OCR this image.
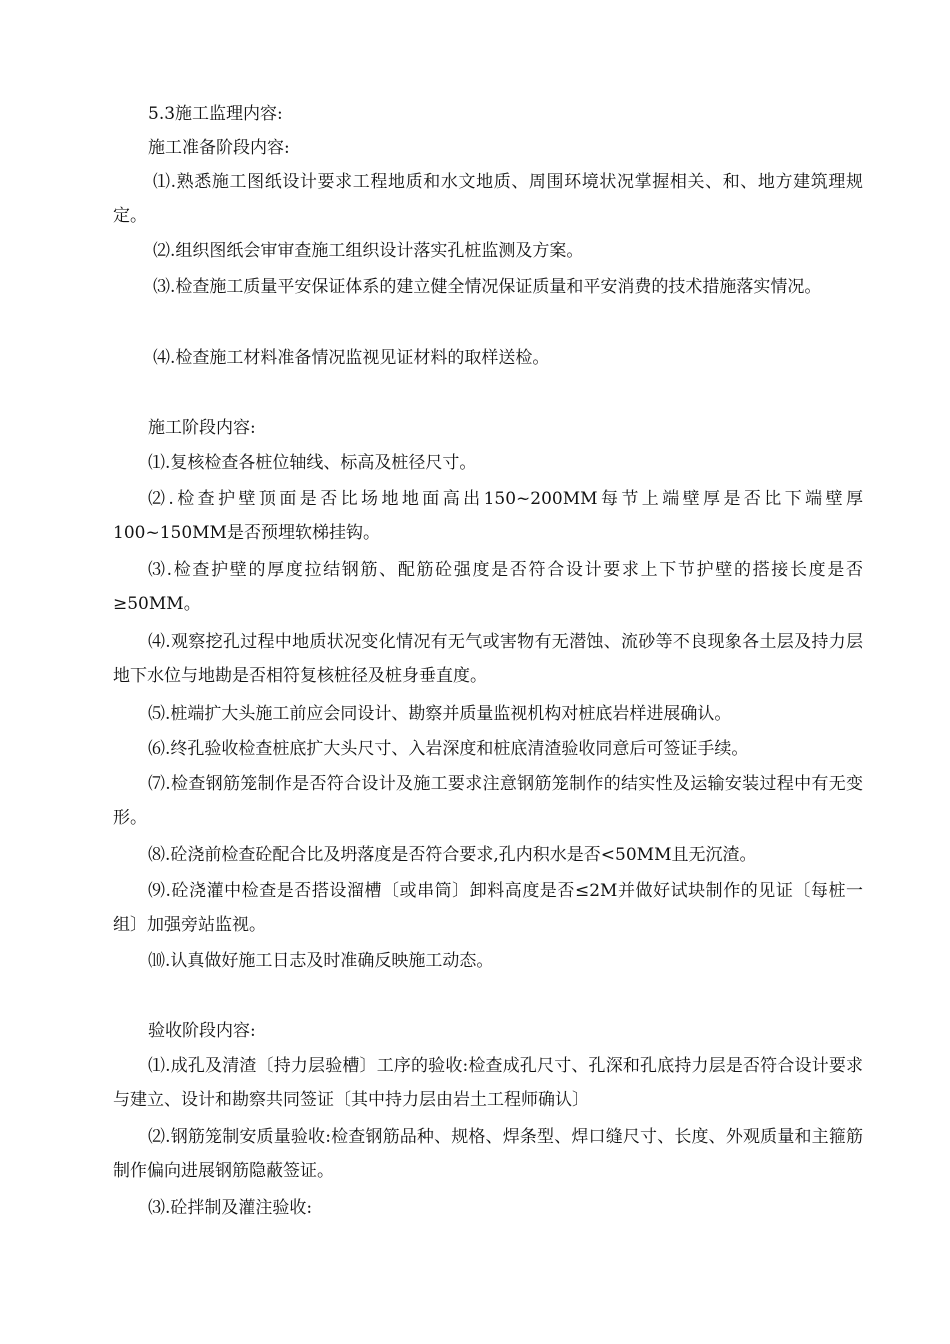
5.3施工监理内容:

施工准备阶段内容:

⑴.熟悉施工图纸设计要求工程地质和水文地质、周围环境状况掌握相关、和、地方建筑理规定。

⑵.组织图纸会审审查施工组织设计落实孔桩监测及方案。

⑶.检查施工质量平安保证体系的建立健全情况保证质量和平安消费的技术措施落实情况。

⑷.检查施工材料准备情况监视见证材料的取样送检。

施工阶段内容:

⑴.复核检查各桩位轴线、标高及桩径尺寸。

⑵.检查护壁顶面是否比场地地面高出150~200MM每节上端壁厚是否比下端壁厚100~150MM是否预埋软梯挂钩。

⑶.检查护壁的厚度拉结钢筋、配筋砼强度是否符合设计要求上下节护壁的搭接长度是否≥50MM。

⑷.观察挖孔过程中地质状况变化情况有无气或害物有无潜蚀、流砂等不良现象各土层及持力层地下水位与地勘是否相符复核桩径及桩身垂直度。

⑸.桩端扩大头施工前应会同设计、勘察并质量监视机构对桩底岩样进展确认。

⑹.终孔验收检查桩底扩大头尺寸、入岩深度和桩底清渣验收同意后可签证手续。

⑺.检查钢筋笼制作是否符合设计及施工要求注意钢筋笼制作的结实性及运输安装过程中有无变形。

⑻.砼浇前检查砼配合比及坍落度是否符合要求,孔内积水是否<50MM且无沉渣。

⑼.砼浇灌中检查是否搭设溜槽〔或串筒〕卸料高度是否≤2M并做好试块制作的见证〔每桩一组〕加强旁站监视。

⑽.认真做好施工日志及时准确反映施工动态。

验收阶段内容:

⑴.成孔及清渣〔持力层验槽〕工序的验收:检查成孔尺寸、孔深和孔底持力层是否符合设计要求与建立、设计和勘察共同签证〔其中持力层由岩土工程师确认〕

⑵.钢筋笼制安质量验收:检查钢筋品种、规格、焊条型、焊口缝尺寸、长度、外观质量和主箍筋制作偏向进展钢筋隐蔽签证。

⑶.砼拌制及灌注验收:
